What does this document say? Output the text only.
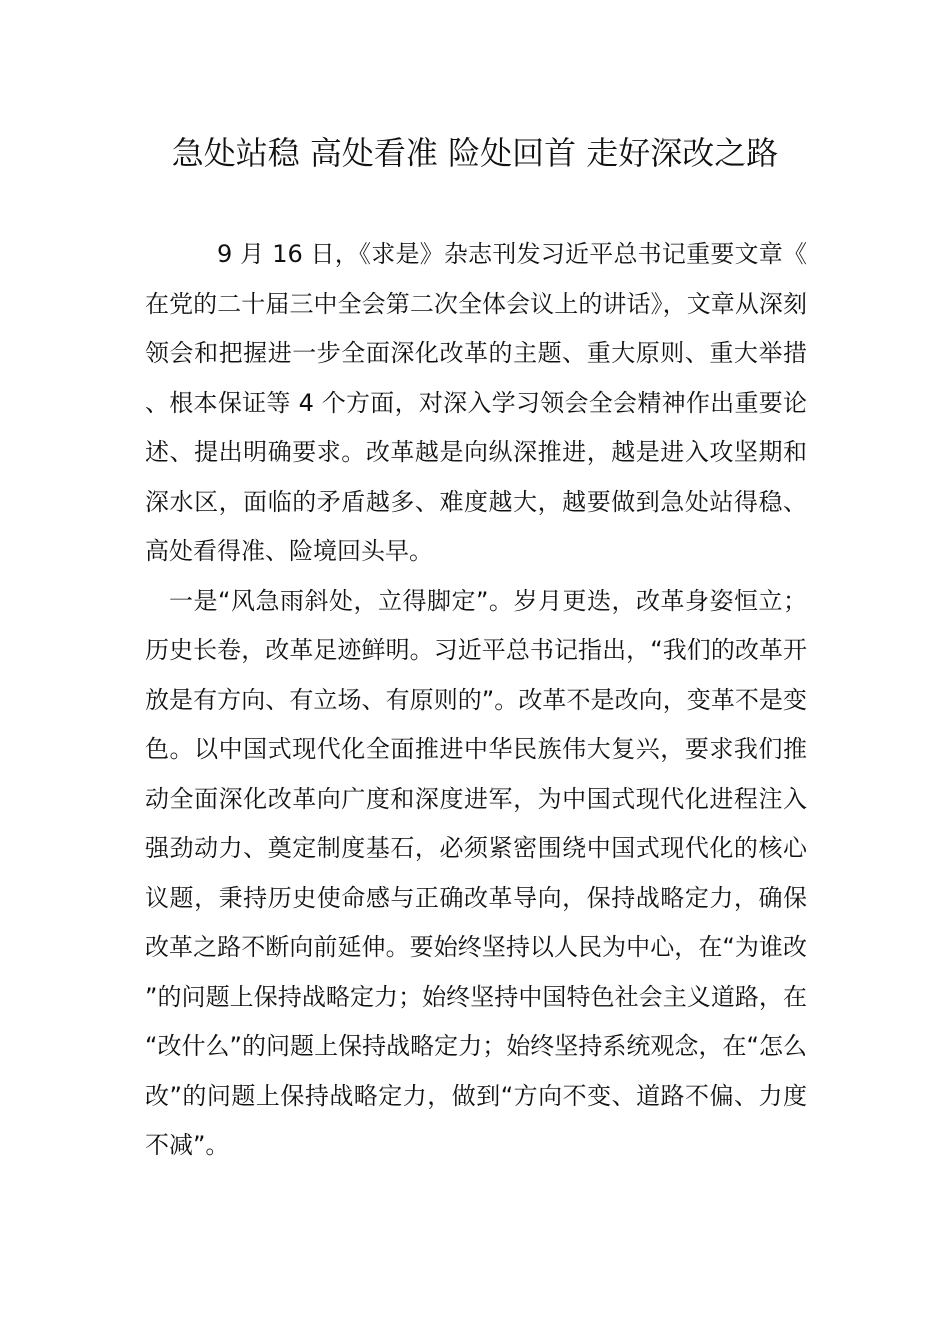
急处站稳 高处看准 险处回首 走好深改之路

9 月 16 日，《求是》杂志刊发习近平总书记重要文章《在党的二十届三中全会第二次全体会议上的讲话》，文章从深刻领会和把握进一步全面深化改革的主题、重大原则、重大举措、根本保证等 4 个方面，对深入学习领会全会精神作出重要论述、提出明确要求。改革越是向纵深推进，越是进入攻坚期和深水区，面临的矛盾越多、难度越大，越要做到急处站得稳、高处看得准、险境回头早。

一是“风急雨斜处，立得脚定”。岁月更迭，改革身姿恒立；历史长卷，改革足迹鲜明。习近平总书记指出，“我们的改革开放是有方向、有立场、有原则的”。改革不是改向，变革不是变色。以中国式现代化全面推进中华民族伟大复兴，要求我们推动全面深化改革向广度和深度进军，为中国式现代化进程注入强劲动力、奠定制度基石，必须紧密围绕中国式现代化的核心议题，秉持历史使命感与正确改革导向，保持战略定力，确保改革之路不断向前延伸。要始终坚持以人民为中心，在“为谁改”的问题上保持战略定力；始终坚持中国特色社会主义道路，在“改什么”的问题上保持战略定力；始终坚持系统观念，在“怎么改”的问题上保持战略定力，做到“方向不变、道路不偏、力度不减”。
